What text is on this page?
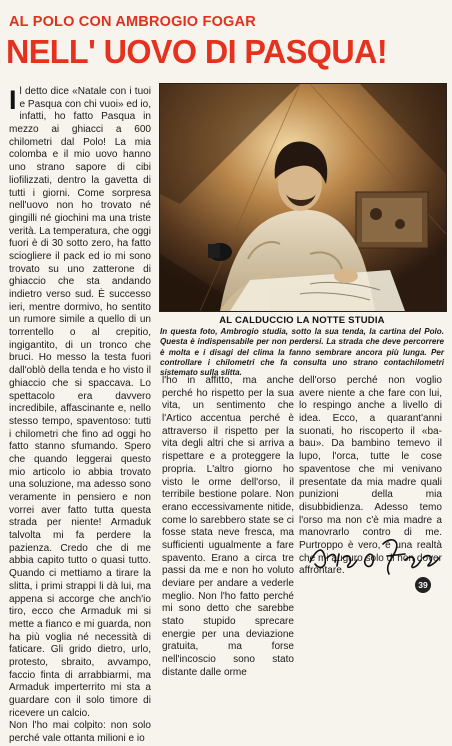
AL POLO CON AMBROGIO FOGAR
NELL' UOVO DI PASQUA!
Il detto dice «Natale con i tuoi e Pasqua con chi vuoi» ed io, infatti, ho fatto Pasqua in mezzo ai ghiacci a 600 chilometri dal Polo! La mia colomba e il mio uovo hanno uno strano sapore di cibi liofilizzati, dentro la gavetta di tutti i giorni. Come sorpresa nell'uovo non ho trovato né gingilli né giochini ma una triste verità. La temperatura, che oggi fuori è di 30 sotto zero, ha fatto sciogliere il pack ed io mi sono trovato su uno zatterone di ghiaccio che sta andando indietro verso sud. È successo ieri, mentre dormivo, ho sentito un rumore simile a quello di un torrentello o al crepitio, ingigantito, di un tronco che bruci. Ho messo la testa fuori dall'oblò della tenda e ho visto il ghiaccio che si spaccava. Lo spettacolo era davvero incredibile, affascinante e, nello stesso tempo, spaventoso: tutti i chilometri che fino ad oggi ho fatto stanno sfumando. Spero che quando leggerai questo mio articolo io abbia trovato una soluzione, ma adesso sono veramente in pensiero e non vorrei aver fatto tutta questa strada per niente! Armaduk talvolta mi fa perdere la pazienza. Credo che di me abbia capito tutto o quasi tutto. Quando ci mettiamo a tirare la slitta, i primi strappi li dà lui, ma appena si accorge che anch'io tiro, ecco che Armaduk mi si mette a fianco e mi guarda, non ha più voglia né necessità di faticare. Gli grido dietro, urlo, protesto, sbraito, avvampo, faccio finta di arrabbiarmi, ma Armaduk imperterrito mi sta a guardare con il solo timore di ricevere un calcio.

Non l'ho mai colpito: non solo perché vale ottanta milioni e io

AL CALDUCCIO LA NOTTE STUDIA
In questa foto, Ambrogio studia, sotto la sua tenda, la cartina del Polo. Questa è indispensabile per non perdersi. La strada che deve percorrere è molta e i disagi del clima la fanno sembrare ancora più lunga. Per controllare i chilometri che fa consulta uno strano contachilometri sistemato sulla slitta.

l'ho in affitto, ma anche perché ho rispetto per la sua vita, un sentimento che l'Artico accentua perché è attraverso il rispetto per la vita degli altri che si arriva a rispettare e a proteggere la propria. L'altro giorno ho visto le orme dell'orso, il terribile bestione polare. Non erano eccessivamente nitide, come lo sarebbero state se ci fosse stata neve fresca, ma sufficienti ugualmente a fare spavento. Erano a circa tre passi da me e non ho voluto deviare per andare a vederle meglio. Non l'ho fatto perché mi sono detto che sarebbe stato stupido sprecare energie per una deviazione gratuita, ma forse nell'incoscio sono stato distante dalle orme

dell'orso perché non voglio avere niente a che fare con lui, lo respingo anche a livello di idea. Ecco, a quarant'anni suonati, ho riscoperto il «ba-bau». Da bambino temevo il lupo, l'orca, tutte le cose spaventose che mi venivano presentate da mia madre quali punizioni della mia disubbidienza. Adesso temo l'orso ma non c'è mia madre a manovrarlo contro di me. Purtroppo è vero, è una realtà che mi auguro solo di non dover affrontare.

39
